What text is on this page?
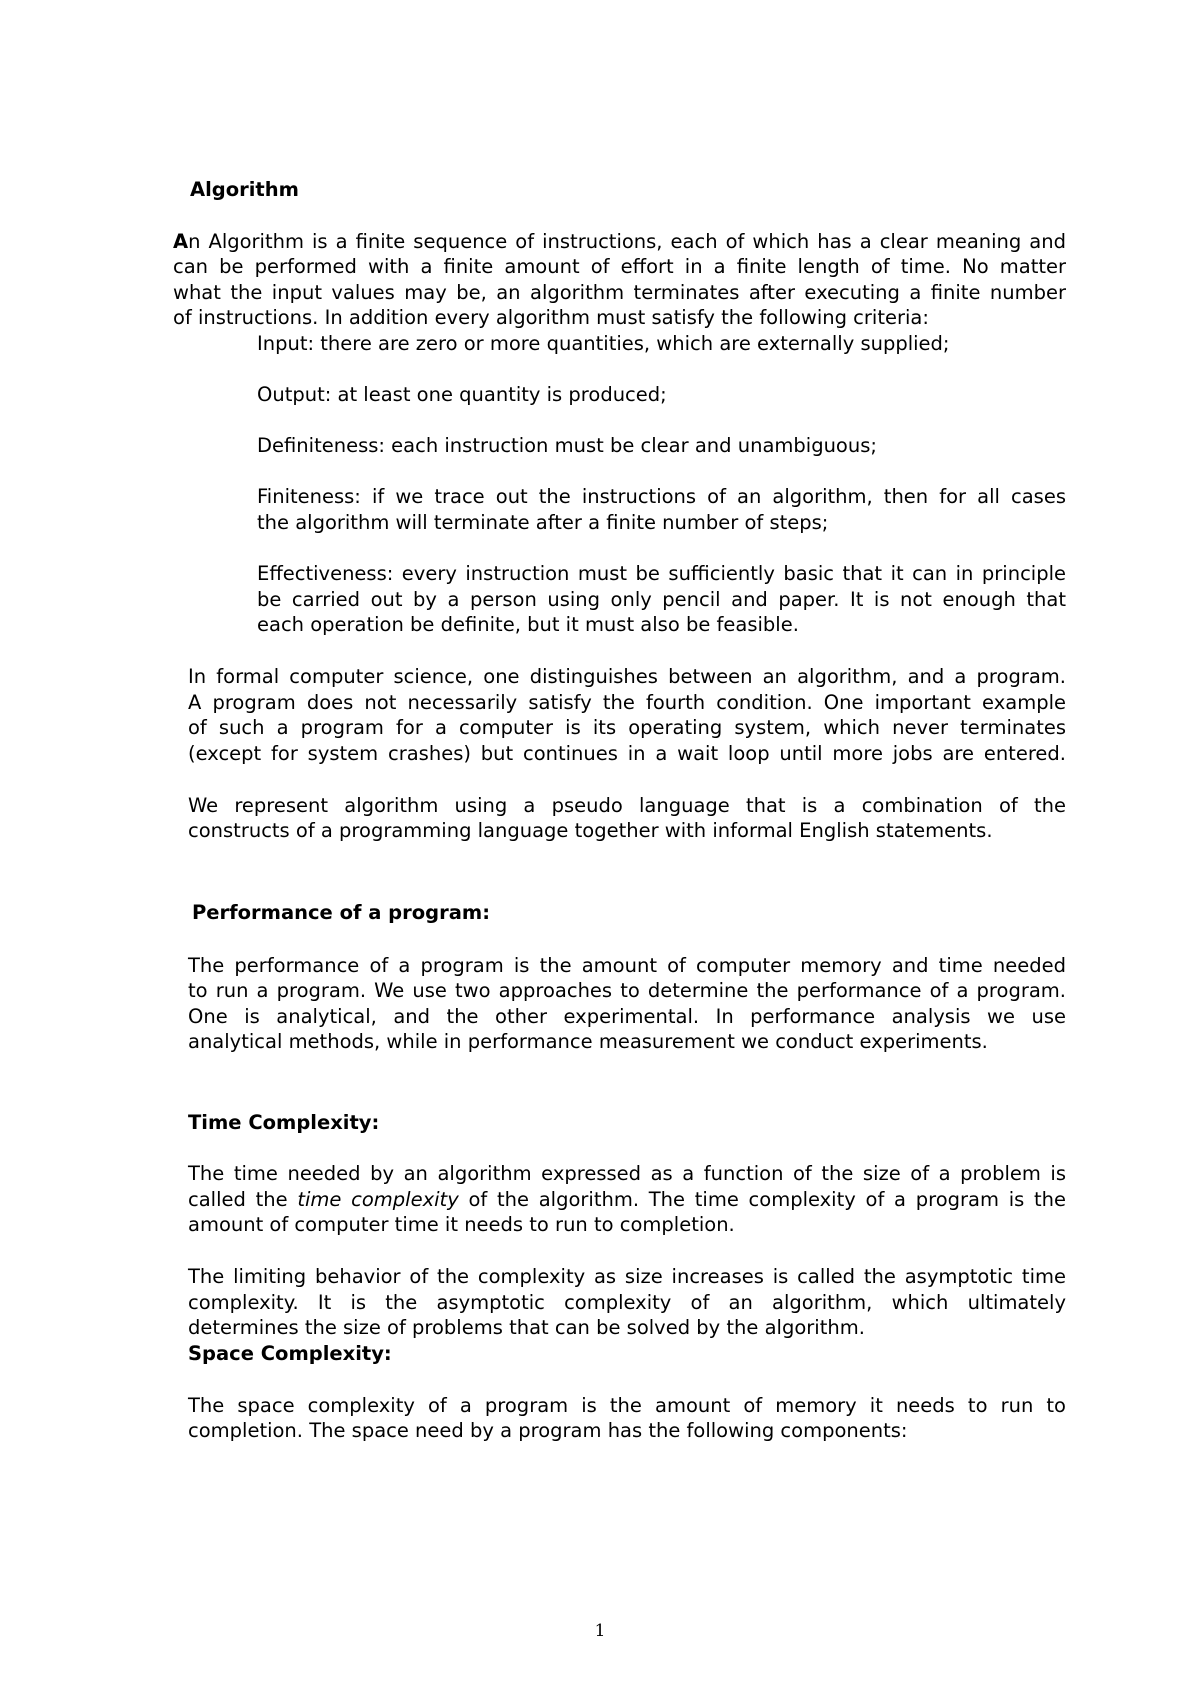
Algorithm

An Algorithm is a finite sequence of instructions, each of which has a clear meaning and

can be performed with a finite amount of effort in a finite length of time. No matter

what the input values may be, an algorithm terminates after executing a finite number

of instructions. In addition every algorithm must satisfy the following criteria:

Input: there are zero or more quantities, which are externally supplied;

Output: at least one quantity is produced;

Definiteness: each instruction must be clear and unambiguous;

Finiteness: if we trace out the instructions of an algorithm, then for all cases

the algorithm will terminate after a finite number of steps;

Effectiveness: every instruction must be sufficiently basic that it can in principle

be carried out by a person using only pencil and paper. It is not enough that

each operation be definite, but it must also be feasible.

In formal computer science, one distinguishes between an algorithm, and a program.

A program does not necessarily satisfy the fourth condition. One important example

of such a program for a computer is its operating system, which never terminates

(except for system crashes) but continues in a wait loop until more jobs are entered.

We represent algorithm using a pseudo language that is a combination of the

constructs of a programming language together with informal English statements.

Performance of a program:

The performance of a program is the amount of computer memory and time needed

to run a program. We use two approaches to determine the performance of a program.

One is analytical, and the other experimental. In performance analysis we use

analytical methods, while in performance measurement we conduct experiments.

Time Complexity:

The time needed by an algorithm expressed as a function of the size of a problem is

called the time complexity of the algorithm. The time complexity of a program is the

amount of computer time it needs to run to completion.

The limiting behavior of the complexity as size increases is called the asymptotic time

complexity. It is the asymptotic complexity of an algorithm, which ultimately

determines the size of problems that can be solved by the algorithm.

Space Complexity:

The space complexity of a program is the amount of memory it needs to run to

completion. The space need by a program has the following components:

1
